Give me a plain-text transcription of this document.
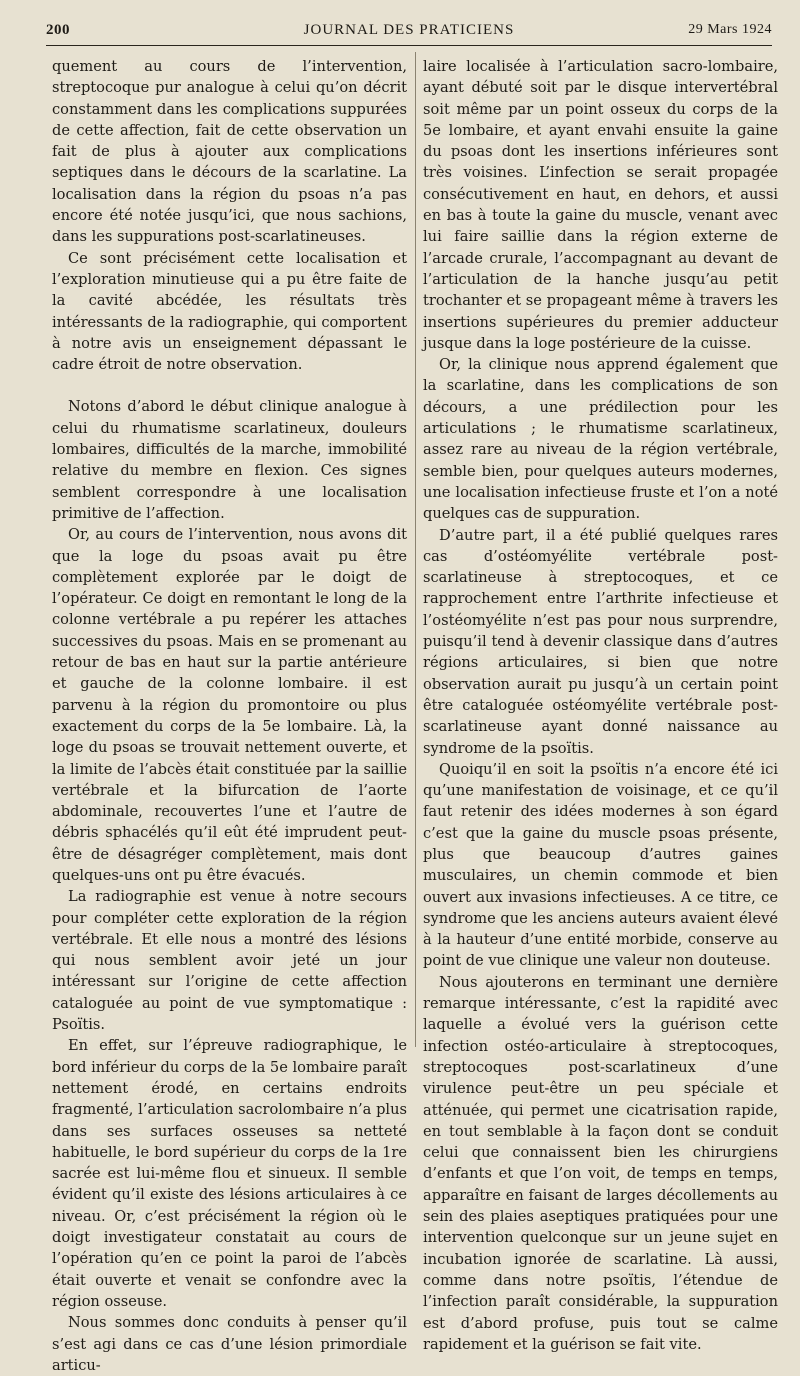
200	JOURNAL DES PRATICIENS	29 Mars 1924

quement au cours de l’intervention, streptocoque pur analogue à celui qu’on décrit constamment dans les complications suppurées de cette affection, fait de cette observation un fait de plus à ajouter aux complications septiques dans le décours de la scarlatine. La localisation dans la région du psoas n’a pas encore été notée jusqu’ici, que nous sachions, dans les suppurations post-scarlatineuses.

Ce sont précisément cette localisation et l’exploration minutieuse qui a pu être faite de la cavité abcédée, les résultats très intéressants de la radiographie, qui comportent à notre avis un enseignement dépassant le cadre étroit de notre observation.

Notons d’abord le début clinique analogue à celui du rhumatisme scarlatineux, douleurs lombaires, difficultés de la marche, immobilité relative du membre en flexion. Ces signes semblent correspondre à une localisation primitive de l’affection.

Or, au cours de l’intervention, nous avons dit que la loge du psoas avait pu être complètement explorée par le doigt de l’opérateur. Ce doigt en remontant le long de la colonne vertébrale a pu repérer les attaches successives du psoas. Mais en se promenant au retour de bas en haut sur la partie antérieure et gauche de la colonne lombaire. il est parvenu à la région du promontoire ou plus exactement du corps de la 5e lombaire. Là, la loge du psoas se trouvait nettement ouverte, et la limite de l’abcès était constituée par la saillie vertébrale et la bifurcation de l’aorte abdominale, recouvertes l’une et l’autre de débris sphacélés qu’il eût été imprudent peut-être de désagréger complètement, mais dont quelques-uns ont pu être évacués.

La radiographie est venue à notre secours pour compléter cette exploration de la région vertébrale. Et elle nous a montré des lésions qui nous semblent avoir jeté un jour intéressant sur l’origine de cette affection cataloguée au point de vue symptomatique : Psoïtis.

En effet, sur l’épreuve radiographique, le bord inférieur du corps de la 5e lombaire paraît nettement érodé, en certains endroits fragmenté, l’articulation sacrolombaire n’a plus dans ses surfaces osseuses sa netteté habituelle, le bord supérieur du corps de la 1re sacrée est lui-même flou et sinueux. Il semble évident qu’il existe des lésions articulaires à ce niveau. Or, c’est précisément la région où le doigt investigateur constatait au cours de l’opération qu’en ce point la paroi de l’abcès était ouverte et venait se confondre avec la région osseuse.

Nous sommes donc conduits à penser qu’il s’est agi dans ce cas d’une lésion primordiale articu-

laire localisée à l’articulation sacro-lombaire, ayant débuté soit par le disque intervertébral soit même par un point osseux du corps de la 5e lombaire, et ayant envahi ensuite la gaine du psoas dont les insertions inférieures sont très voisines. L’infection se serait propagée consécutivement en haut, en dehors, et aussi en bas à toute la gaine du muscle, venant avec lui faire saillie dans la région externe de l’arcade crurale, l’accompagnant au devant de l’articulation de la hanche jusqu’au petit trochanter et se propageant même à travers les insertions supérieures du premier adducteur jusque dans la loge postérieure de la cuisse.

Or, la clinique nous apprend également que la scarlatine, dans les complications de son décours, a une prédilection pour les articulations ; le rhumatisme scarlatineux, assez rare au niveau de la région vertébrale, semble bien, pour quelques auteurs modernes, une localisation infectieuse fruste et l’on a noté quelques cas de suppuration.

D’autre part, il a été publié quelques rares cas d’ostéomyélite vertébrale post-scarlatineuse à streptocoques, et ce rapprochement entre l’arthrite infectieuse et l’ostéomyélite n’est pas pour nous surprendre, puisqu’il tend à devenir classique dans d’autres régions articulaires, si bien que notre observation aurait pu jusqu’à un certain point être cataloguée ostéomyélite vertébrale post-scarlatineuse ayant donné naissance au syndrome de la psoïtis.

Quoiqu’il en soit la psoïtis n’a encore été ici qu’une manifestation de voisinage, et ce qu’il faut retenir des idées modernes à son égard c’est que la gaine du muscle psoas présente, plus que beaucoup d’autres gaines musculaires, un chemin commode et bien ouvert aux invasions infectieuses. A ce titre, ce syndrome que les anciens auteurs avaient élevé à la hauteur d’une entité morbide, conserve au point de vue clinique une valeur non douteuse.

Nous ajouterons en terminant une dernière remarque intéressante, c’est la rapidité avec laquelle a évolué vers la guérison cette infection ostéo-articulaire à streptocoques, streptocoques post-scarlatineux d’une virulence peut-être un peu spéciale et atténuée, qui permet une cicatrisation rapide, en tout semblable à la façon dont se conduit celui que connaissent bien les chirurgiens d’enfants et que l’on voit, de temps en temps, apparaître en faisant de larges décollements au sein des plaies aseptiques pratiquées pour une intervention quelconque sur un jeune sujet en incubation ignorée de scarlatine. Là aussi, comme dans notre psoïtis, l’étendue de l’infection paraît considérable, la suppuration est d’abord profuse, puis tout se calme rapidement et la guérison se fait vite.
